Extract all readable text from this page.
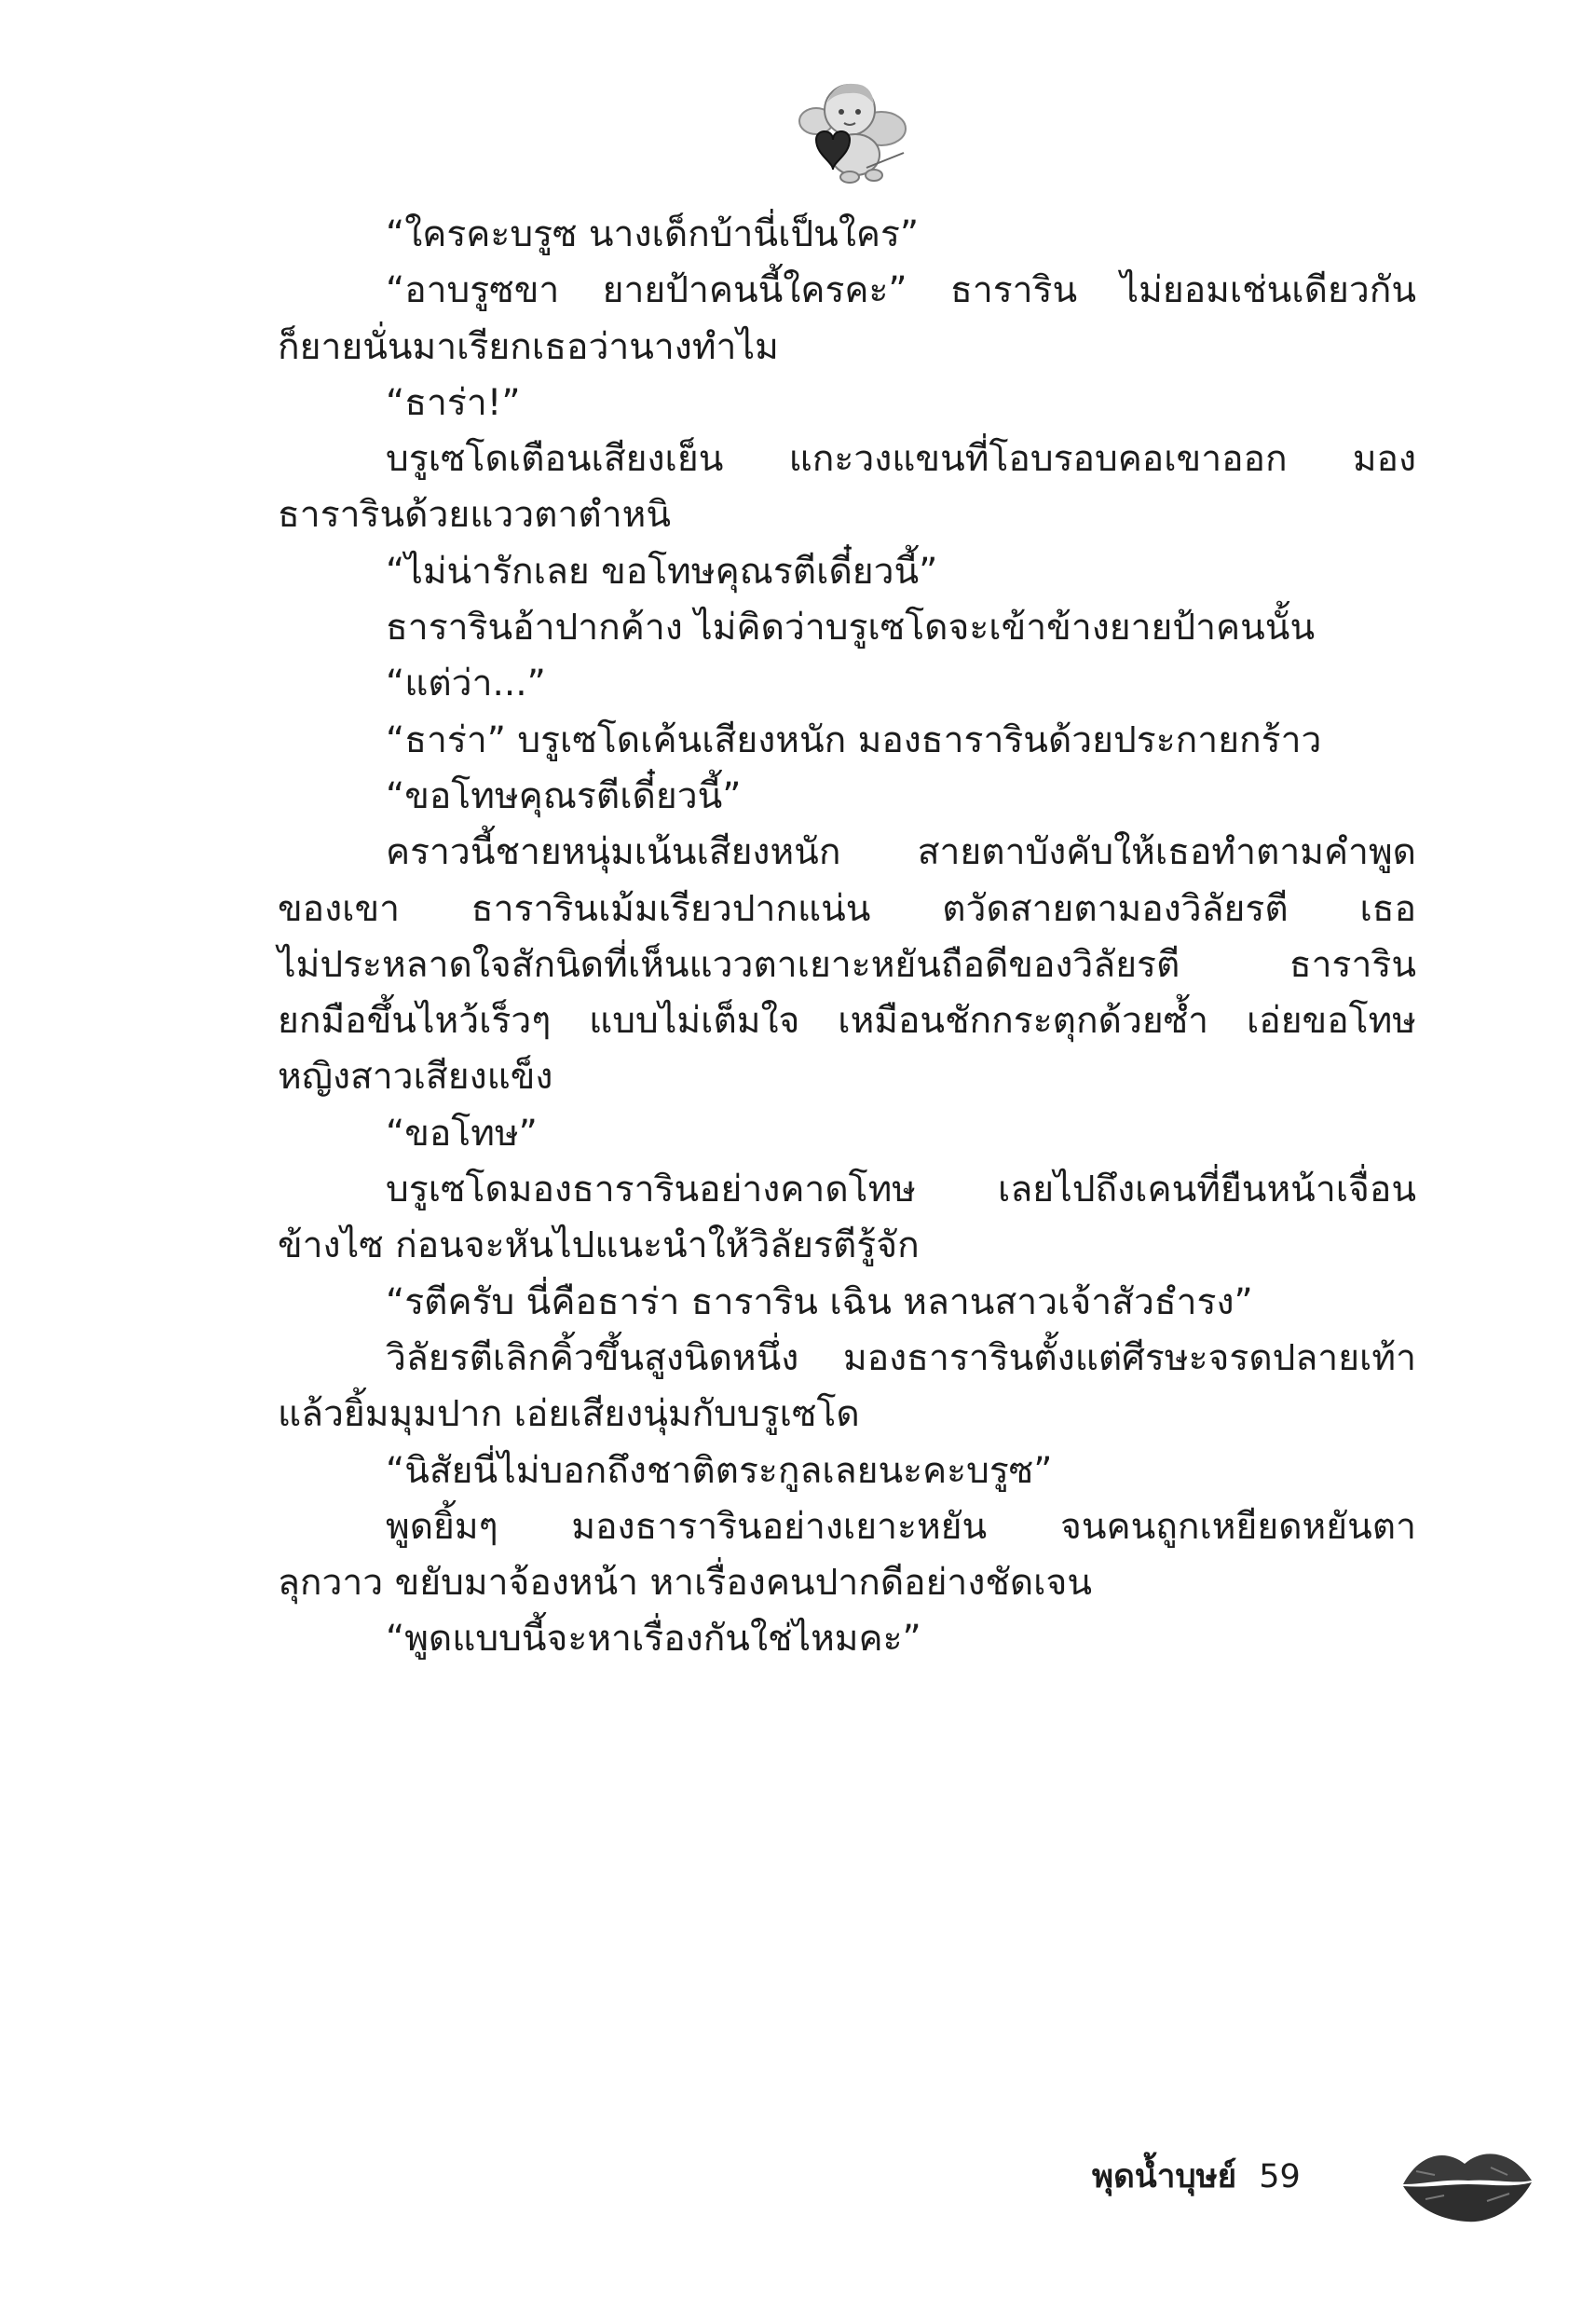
“ใครคะบรูซ นางเด็กบ้านี่เป็นใคร”
“อาบรูซขา ยายป้าคนนี้ใครคะ” ธาราริน ไม่ยอมเช่นเดียวกัน
ก็ยายนั่นมาเรียกเธอว่านางทำไม
“ธาร่า!”
บรูเซโดเตือนเสียงเย็น แกะวงแขนที่โอบรอบคอเขาออก มอง
ธารารินด้วยแววตาตำหนิ
“ไม่น่ารักเลย ขอโทษคุณรตีเดี๋ยวนี้”
ธารารินอ้าปากค้าง ไม่คิดว่าบรูเซโดจะเข้าข้างยายป้าคนนั้น
“แต่ว่า...”
“ธาร่า” บรูเซโดเค้นเสียงหนัก มองธารารินด้วยประกายกร้าว
“ขอโทษคุณรตีเดี๋ยวนี้”
คราวนี้ชายหนุ่มเน้นเสียงหนัก สายตาบังคับให้เธอทำตามคำพูด
ของเขา ธารารินเม้มเรียวปากแน่น ตวัดสายตามองวิลัยรตี เธอ
ไม่ประหลาดใจสักนิดที่เห็นแววตาเยาะหยันถือดีของวิลัยรตี ธาราริน
ยกมือขึ้นไหว้เร็วๆ แบบไม่เต็มใจ เหมือนชักกระตุกด้วยซ้ำ เอ่ยขอโทษ
หญิงสาวเสียงแข็ง
“ขอโทษ”
บรูเซโดมองธารารินอย่างคาดโทษ เลยไปถึงเคนที่ยืนหน้าเจื่อน
ข้างไซ ก่อนจะหันไปแนะนำให้วิลัยรตีรู้จัก
“รตีครับ นี่คือธาร่า ธาราริน เฉิน หลานสาวเจ้าสัวธำรง”
วิลัยรตีเลิกคิ้วขึ้นสูงนิดหนึ่ง มองธารารินตั้งแต่ศีรษะจรดปลายเท้า
แล้วยิ้มมุมปาก เอ่ยเสียงนุ่มกับบรูเซโด
“นิสัยนี่ไม่บอกถึงชาติตระกูลเลยนะคะบรูซ”
พูดยิ้มๆ มองธารารินอย่างเยาะหยัน จนคนถูกเหยียดหยันตา
ลุกวาว ขยับมาจ้องหน้า หาเรื่องคนปากดีอย่างชัดเจน
“พูดแบบนี้จะหาเรื่องกันใช่ไหมคะ”
พุดน้ำบุษย์ 59
